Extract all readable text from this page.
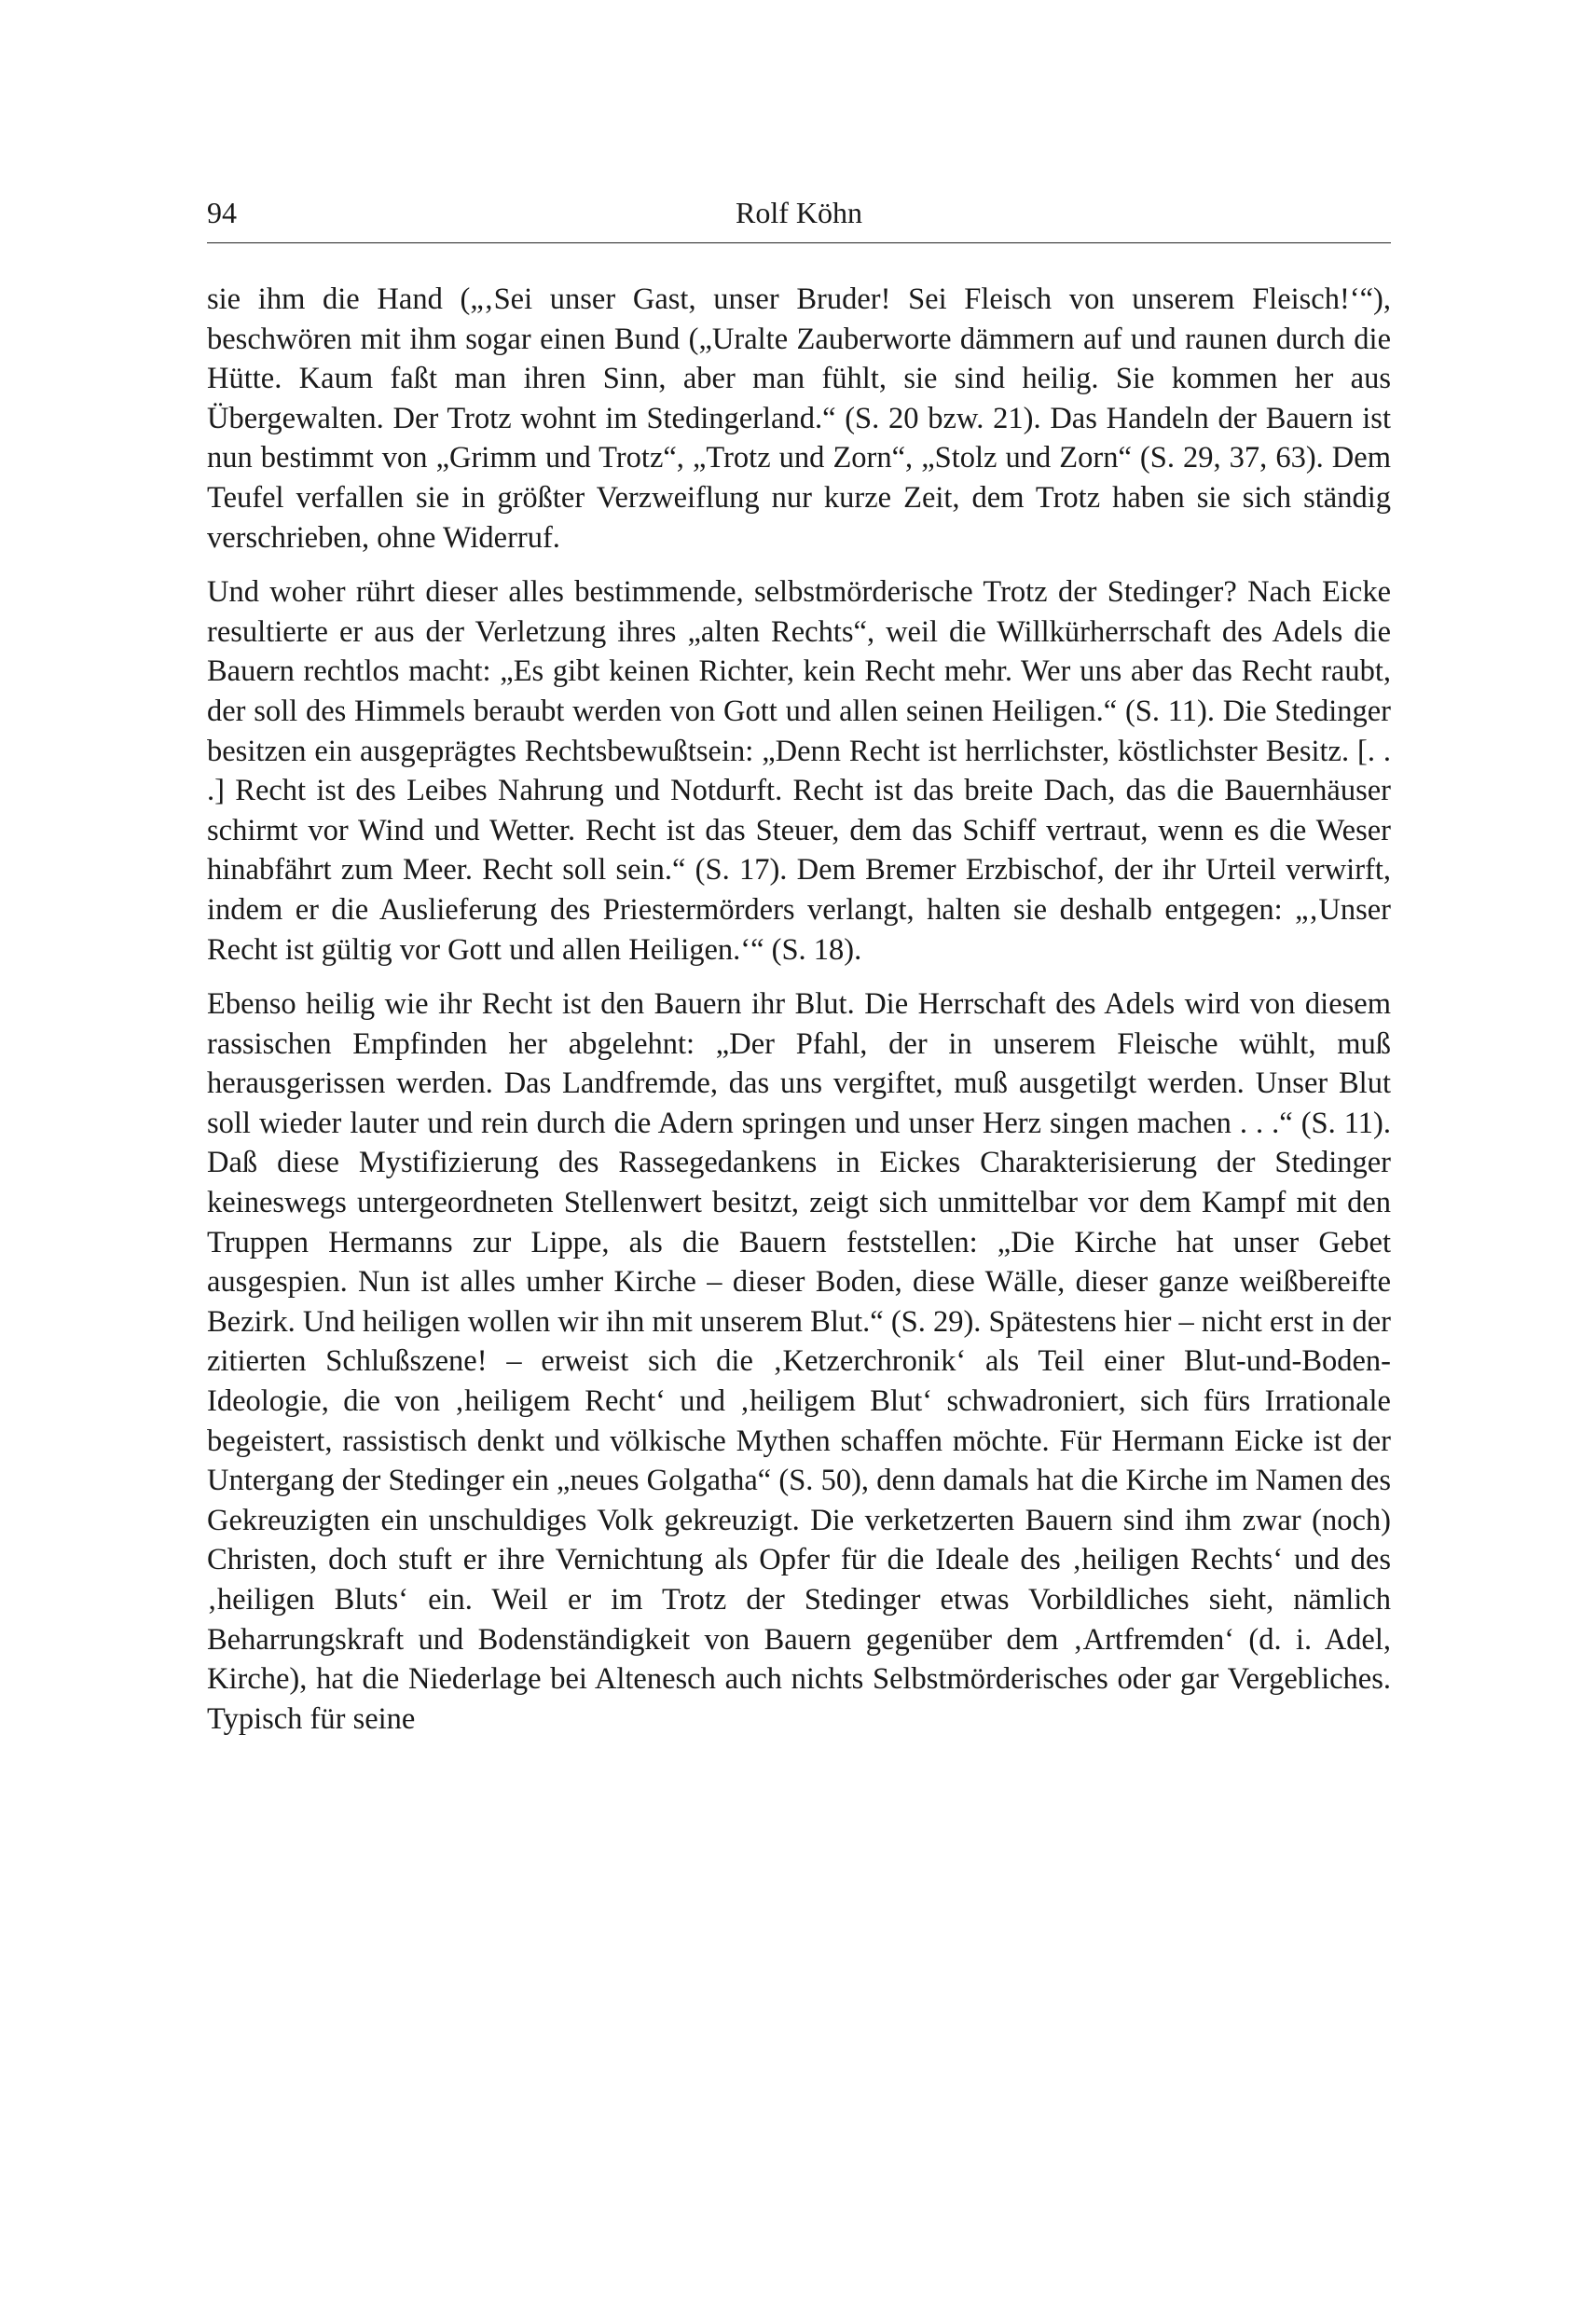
94	Rolf Köhn

sie ihm die Hand („‚Sei unser Gast, unser Bruder! Sei Fleisch von unserem Fleisch!‘“), beschwören mit ihm sogar einen Bund („Uralte Zauberworte dämmern auf und raunen durch die Hütte. Kaum faßt man ihren Sinn, aber man fühlt, sie sind heilig. Sie kommen her aus Übergewalten. Der Trotz wohnt im Stedingerland.“ (S. 20 bzw. 21). Das Handeln der Bauern ist nun bestimmt von „Grimm und Trotz“, „Trotz und Zorn“, „Stolz und Zorn“ (S. 29, 37, 63). Dem Teufel verfallen sie in größter Verzweiflung nur kurze Zeit, dem Trotz haben sie sich ständig verschrieben, ohne Widerruf.

Und woher rührt dieser alles bestimmende, selbstmörderische Trotz der Stedinger? Nach Eicke resultierte er aus der Verletzung ihres „alten Rechts“, weil die Willkürherrschaft des Adels die Bauern rechtlos macht: „Es gibt keinen Richter, kein Recht mehr. Wer uns aber das Recht raubt, der soll des Himmels beraubt werden von Gott und allen seinen Heiligen.“ (S. 11). Die Stedinger besitzen ein ausgeprägtes Rechtsbewußtsein: „Denn Recht ist herrlichster, köstlichster Besitz. [. . .] Recht ist des Leibes Nahrung und Notdurft. Recht ist das breite Dach, das die Bauernhäuser schirmt vor Wind und Wetter. Recht ist das Steuer, dem das Schiff vertraut, wenn es die Weser hinabfährt zum Meer. Recht soll sein.“ (S. 17). Dem Bremer Erzbischof, der ihr Urteil verwirft, indem er die Auslieferung des Priestermörders verlangt, halten sie deshalb entgegen: „‚Unser Recht ist gültig vor Gott und allen Heiligen.‘“ (S. 18).

Ebenso heilig wie ihr Recht ist den Bauern ihr Blut. Die Herrschaft des Adels wird von diesem rassischen Empfinden her abgelehnt: „Der Pfahl, der in unserem Fleische wühlt, muß herausgerissen werden. Das Landfremde, das uns vergiftet, muß ausgetilgt werden. Unser Blut soll wieder lauter und rein durch die Adern springen und unser Herz singen machen . . .“ (S. 11). Daß diese Mystifizierung des Rassegedankens in Eickes Charakterisierung der Stedinger keineswegs untergeordneten Stellenwert besitzt, zeigt sich unmittelbar vor dem Kampf mit den Truppen Hermanns zur Lippe, als die Bauern feststellen: „Die Kirche hat unser Gebet ausgespien. Nun ist alles umher Kirche – dieser Boden, diese Wälle, dieser ganze weißbereifte Bezirk. Und heiligen wollen wir ihn mit unserem Blut.“ (S. 29). Spätestens hier – nicht erst in der zitierten Schlußszene! – erweist sich die ‚Ketzerchronik‘ als Teil einer Blut-und-Boden-Ideologie, die von ‚heiligem Recht‘ und ‚heiligem Blut‘ schwadroniert, sich fürs Irrationale begeistert, rassistisch denkt und völkische Mythen schaffen möchte. Für Hermann Eicke ist der Untergang der Stedinger ein „neues Golgatha“ (S. 50), denn damals hat die Kirche im Namen des Gekreuzigten ein unschuldiges Volk gekreuzigt. Die verketzerten Bauern sind ihm zwar (noch) Christen, doch stuft er ihre Vernichtung als Opfer für die Ideale des ‚heiligen Rechts‘ und des ‚heiligen Bluts‘ ein. Weil er im Trotz der Stedinger etwas Vorbildliches sieht, nämlich Beharrungskraft und Bodenständigkeit von Bauern gegenüber dem ‚Artfremden‘ (d. i. Adel, Kirche), hat die Niederlage bei Altenesch auch nichts Selbstmörderisches oder gar Vergebliches. Typisch für seine
